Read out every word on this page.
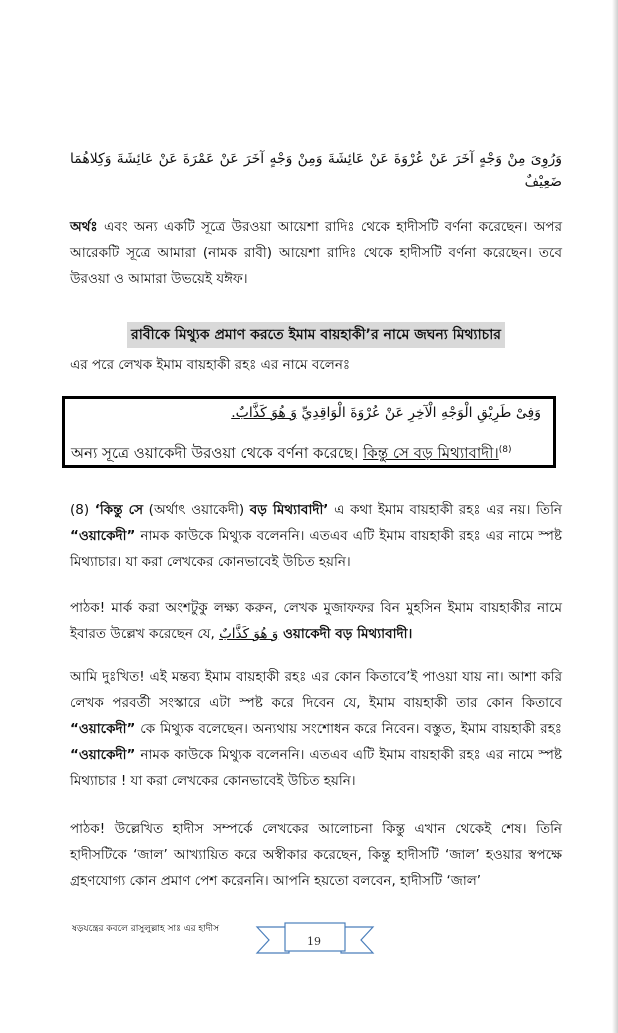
وَرُوِىَ مِنْ وَجْهٍ آخَرَ عَنْ عُرْوَةَ عَنْ عَائِشَةَ وَمِنْ وَجْهٍ آخَرَ عَنْ عَمْرَةَ عَنْ عَائِشَةَ وَكِلاهُمَا ضَعِيْفٌ
অর্থঃ এবং অন্য একটি সূত্রে উরওয়া আয়েশা রাদিঃ থেকে হাদীসটি বর্ণনা করেছেন। অপর আরেকটি সূত্রে আমারা (নামক রাবী) আয়েশা রাদিঃ থেকে হাদীসটি বর্ণনা করেছেন। তবে উরওয়া ও আমারা উভয়েই যঈফ।
রাবীকে মিথ্যুক প্রমাণ করতে ইমাম বায়হাকী’র নামে জঘন্য মিথ্যাচার
এর পরে লেখক ইমাম বায়হাকী রহঃ এর নামে বলেনঃ
وَفِىْ طَرِيْقِ الْوَجْهِ الْآخِرِ عَنْ عُرْوَةَ الْوَاقِدِيِّ وَ هُوَ كَذَّابٌ.
অন্য সূত্রে ওয়াকেদী উরওয়া থেকে বর্ণনা করেছে। কিন্তু সে বড় মিথ্যাবাদী।$^{(8)}$
(8) ‘কিন্তু সে (অর্থাৎ ওয়াকেদী) বড় মিথ্যাবাদী’ এ কথা ইমাম বায়হাকী রহঃ এর নয়। তিনি “ওয়াকেদী” নামক কাউকে মিথ্যুক বলেননি। এতএব এটি ইমাম বায়হাকী রহঃ এর নামে স্পষ্ট মিথ্যাচার। যা করা লেখকের কোনভাবেই উচিত হয়নি।
পাঠক! মার্ক করা অংশটুকু লক্ষ্য করুন, লেখক মুজাফফর বিন মুহসিন ইমাম বায়হাকীর নামে ইবারত উল্লেখ করেছেন যে, وَ هُوَ كَذَّابٌ ওয়াকেদী বড় মিথ্যাবাদী।
আমি দুঃখিত! এই মন্তব্য ইমাম বায়হাকী রহঃ এর কোন কিতাবে’ই পাওয়া যায় না। আশা করি লেখক পরবর্তী সংস্কারে এটা স্পষ্ট করে দিবেন যে, ইমাম বায়হাকী তার কোন কিতাবে “ওয়াকেদী” কে মিথ্যুক বলেছেন। অন্যথায় সংশোধন করে নিবেন। বস্তুত, ইমাম বায়হাকী রহঃ “ওয়াকেদী” নামক কাউকে মিথ্যুক বলেননি। এতএব এটি ইমাম বায়হাকী রহঃ এর নামে স্পষ্ট মিথ্যাচার ! যা করা লেখকের কোনভাবেই উচিত হয়নি।
পাঠক! উল্লেখিত হাদীস সম্পর্কে লেখকের আলোচনা কিন্তু এখান থেকেই শেষ। তিনি হাদীসটিকে ‘জাল’ আখ্যায়িত করে অস্বীকার করেছেন, কিন্তু হাদীসটি ‘জাল’ হওয়ার স্বপক্ষে গ্রহণযোগ্য কোন প্রমাণ পেশ করেননি। আপনি হয়তো বলবেন, হাদীসটি ‘জাল’
ষড়যন্ত্রের কবলে রাসুলুল্লাহ সাঃ এর হাদীস
19
